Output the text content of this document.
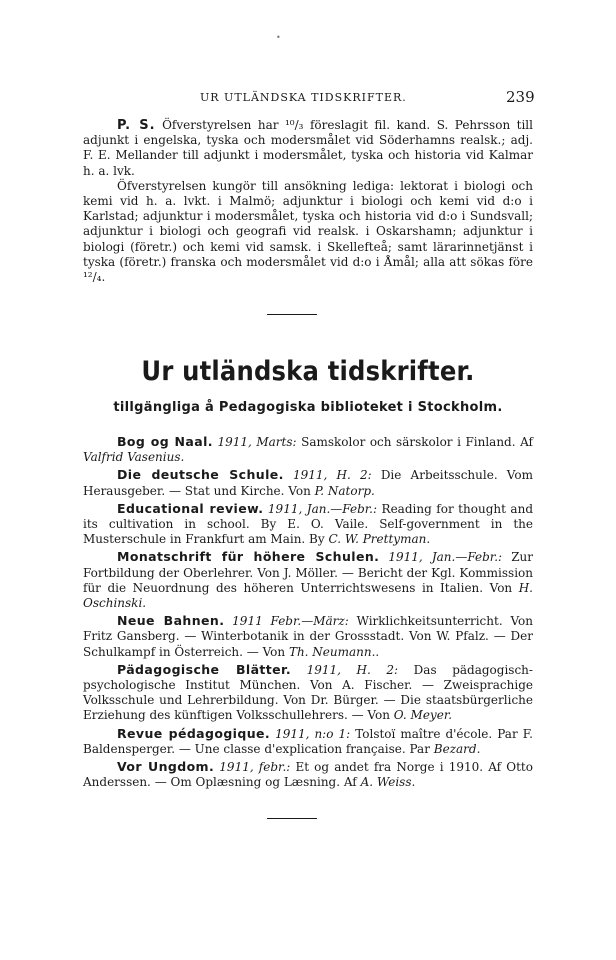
•
UR UTLÄNDSKA TIDSKRIFTER.	239

P. S. Öfverstyrelsen har ¹⁰/₃ föreslagit fil. kand. S. Pehrsson till adjunkt i engelska, tyska och modersmålet vid Söderhamns realsk.; adj. F. E. Mellander till adjunkt i modersmålet, tyska och historia vid Kalmar h. a. lvk.

Öfverstyrelsen kungör till ansökning lediga: lektorat i biologi och kemi vid h. a. lvkt. i Malmö; adjunktur i biologi och kemi vid d:o i Karlstad; adjunktur i modersmålet, tyska och historia vid d:o i Sundsvall; adjunktur i biologi och geografi vid realsk. i Oskarshamn; adjunktur i biologi (företr.) och kemi vid samsk. i Skellefteå; samt lärarinnetjänst i tyska (företr.) franska och modersmålet vid d:o i Åmål; alla att sökas före ¹²/₄.

Ur utländska tidskrifter.
tillgängliga å Pedagogiska biblioteket i Stockholm.

Bog og Naal. 1911, Marts: Samskolor och särskolor i Finland. Af Valfrid Vasenius.

Die deutsche Schule. 1911, H. 2: Die Arbeitsschule. Vom Herausgeber. — Stat und Kirche. Von P. Natorp.

Educational review. 1911, Jan.—Febr.: Reading for thought and its cultivation in school. By E. O. Vaile. Self-government in the Musterschule in Frankfurt am Main. By C. W. Prettyman.

Monatschrift für höhere Schulen. 1911, Jan.—Febr.: Zur Fortbildung der Oberlehrer. Von J. Möller. — Bericht der Kgl. Kommission für die Neuordnung des höheren Unterrichtswesens in Italien. Von H. Oschinski.

Neue Bahnen. 1911 Febr.—März: Wirklichkeitsunterricht. Von Fritz Gansberg. — Winterbotanik in der Grossstadt. Von W. Pfalz. — Der Schulkampf in Österreich. — Von Th. Neumann..

Pädagogische Blätter. 1911, H. 2: Das pädagogisch-psychologische Institut München. Von A. Fischer. — Zweisprachige Volksschule und Lehrerbildung. Von Dr. Bürger. — Die staatsbürgerliche Erziehung des künftigen Volksschullehrers. — Von O. Meyer.

Revue pédagogique. 1911, n:o 1: Tolstoï maître d'école. Par F. Baldensperger. — Une classe d'explication française. Par Bezard.

Vor Ungdom. 1911, febr.: Et og andet fra Norge i 1910. Af Otto Anderssen. — Om Oplæsning og Læsning. Af A. Weiss.
